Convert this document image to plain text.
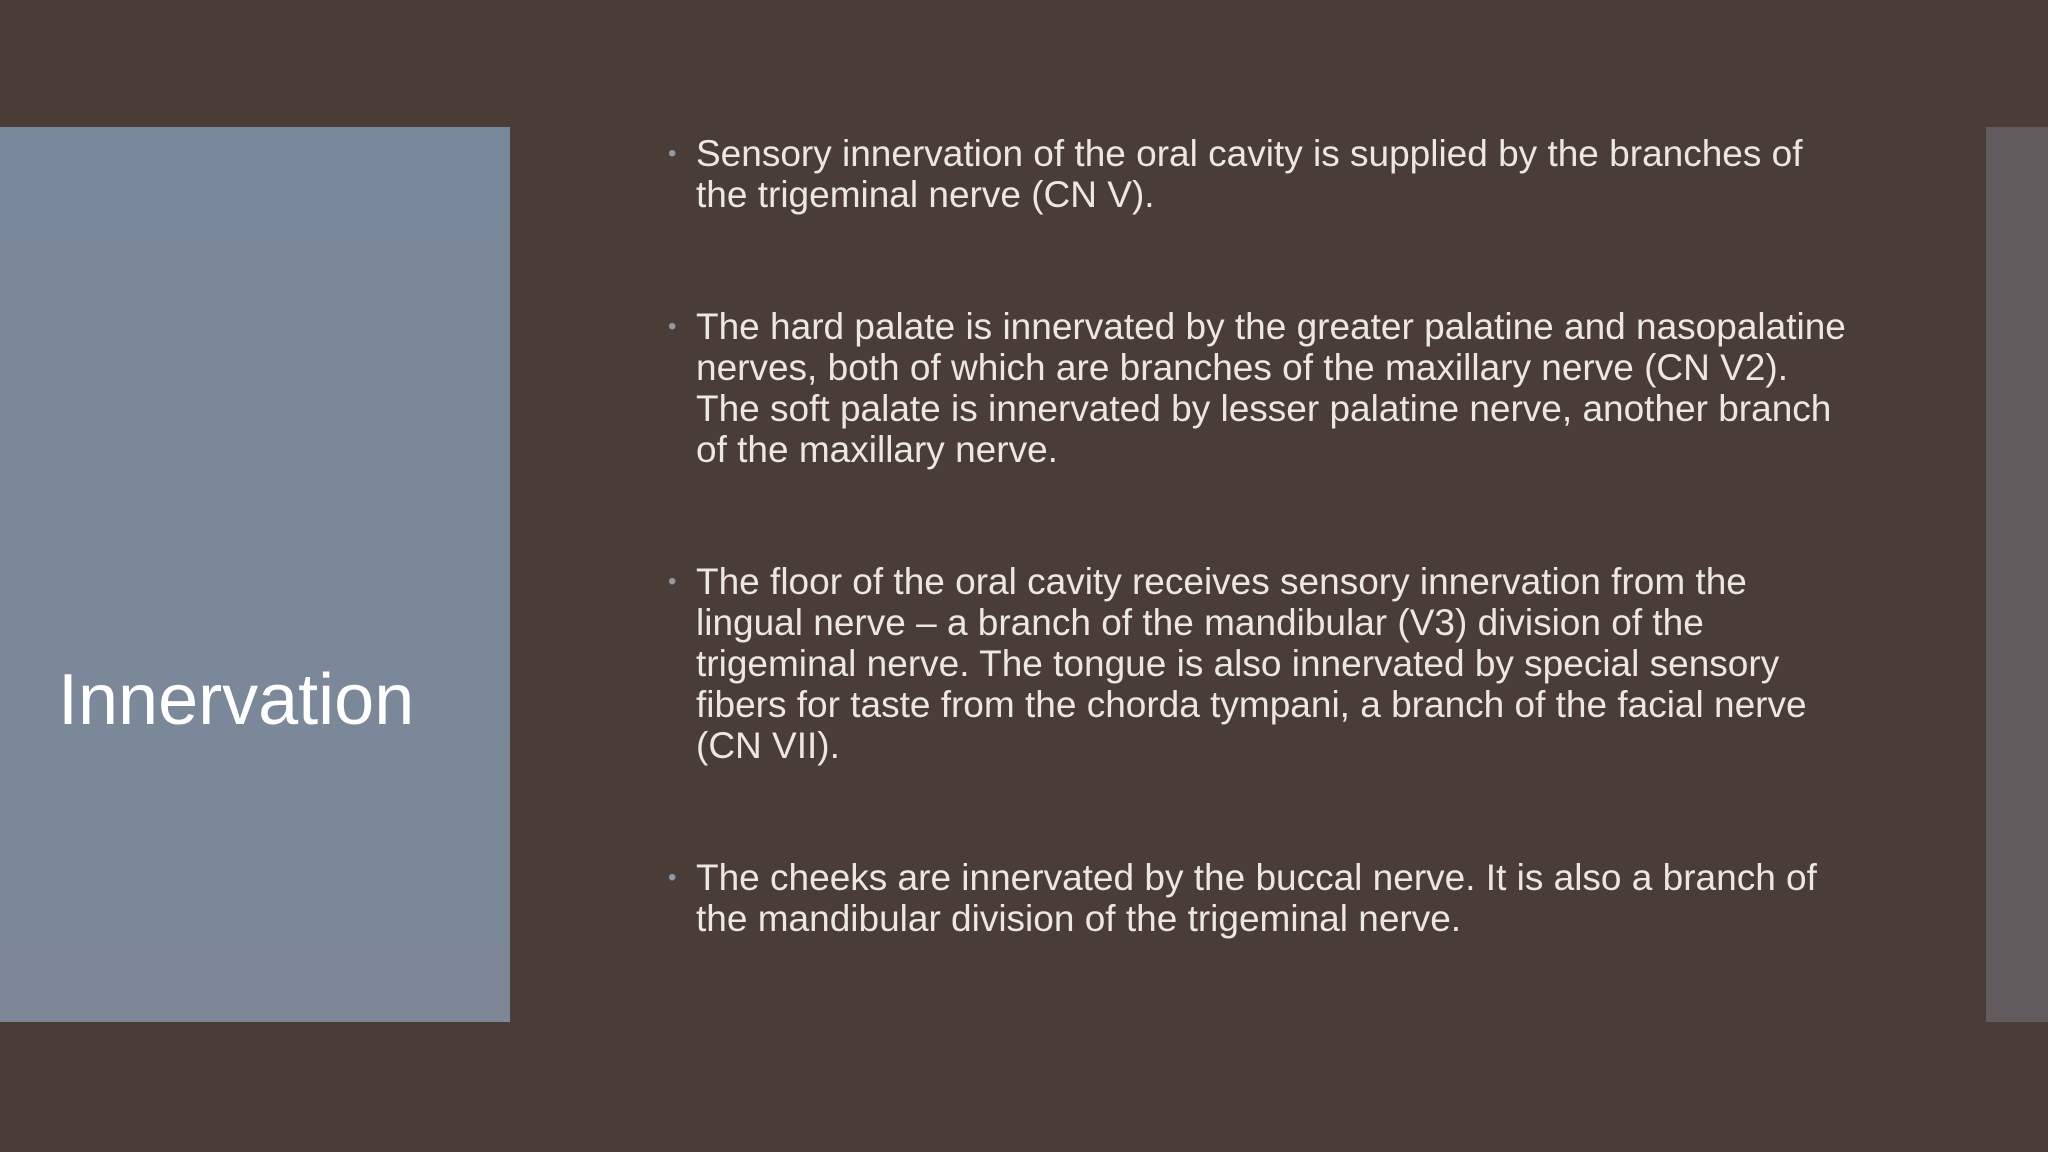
Innervation
• Sensory innervation of the oral cavity is supplied by the branches of the trigeminal nerve (CN V).
• The hard palate is innervated by the greater palatine and nasopalatine nerves, both of which are branches of the maxillary nerve (CN V2). The soft palate is innervated by lesser palatine nerve, another branch of the maxillary nerve.
• The floor of the oral cavity receives sensory innervation from the lingual nerve – a branch of the mandibular (V3) division of the trigeminal nerve. The tongue is also innervated by special sensory fibers for taste from the chorda tympani, a branch of the facial nerve (CN VII).
• The cheeks are innervated by the buccal nerve. It is also a branch of the mandibular division of the trigeminal nerve.
